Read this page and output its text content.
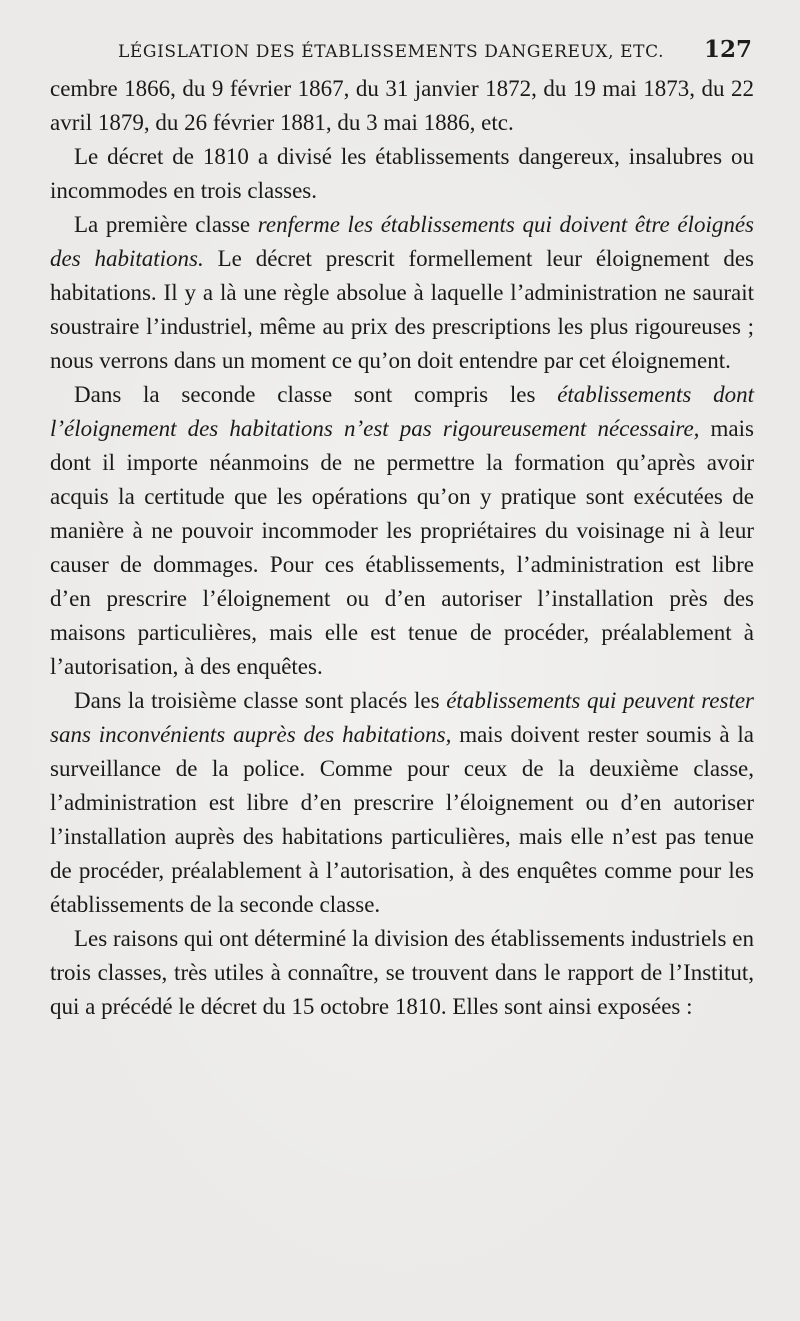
LÉGISLATION DES ÉTABLISSEMENTS DANGEREUX, ETC. 127

cembre 1866, du 9 février 1867, du 31 janvier 1872, du 19 mai 1873, du 22 avril 1879, du 26 février 1881, du 3 mai 1886, etc.

Le décret de 1810 a divisé les établissements dangereux, insalubres ou incommodes en trois classes.

La première classe renferme les établissements qui doivent être éloignés des habitations. Le décret prescrit formellement leur éloignement des habitations. Il y a là une règle absolue à laquelle l’administration ne saurait soustraire l’industriel, même au prix des prescriptions les plus rigoureuses ; nous verrons dans un moment ce qu’on doit entendre par cet éloignement.

Dans la seconde classe sont compris les établissements dont l’éloignement des habitations n’est pas rigoureusement nécessaire, mais dont il importe néanmoins de ne permettre la formation qu’après avoir acquis la certitude que les opérations qu’on y pratique sont exécutées de manière à ne pouvoir incommoder les propriétaires du voisinage ni à leur causer de dommages. Pour ces établissements, l’administration est libre d’en prescrire l’éloignement ou d’en autoriser l’installation près des maisons particulières, mais elle est tenue de procéder, préalablement à l’autorisation, à des enquêtes.

Dans la troisième classe sont placés les établissements qui peuvent rester sans inconvénients auprès des habitations, mais doivent rester soumis à la surveillance de la police. Comme pour ceux de la deuxième classe, l’administration est libre d’en prescrire l’éloignement ou d’en autoriser l’installation auprès des habitations particulières, mais elle n’est pas tenue de procéder, préalablement à l’autorisation, à des enquêtes comme pour les établissements de la seconde classe.

Les raisons qui ont déterminé la division des établissements industriels en trois classes, très utiles à connaître, se trouvent dans le rapport de l’Institut, qui a précédé le décret du 15 octobre 1810. Elles sont ainsi exposées :
